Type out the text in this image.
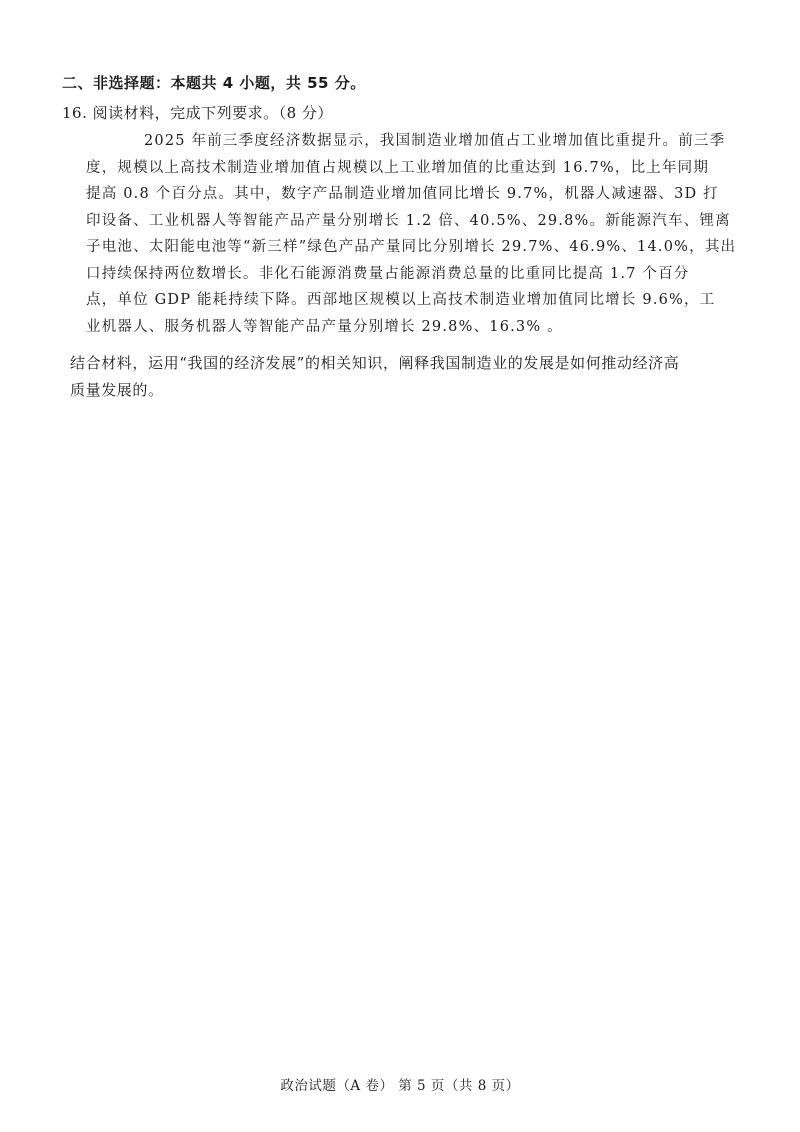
二、非选择题：本题共 4 小题，共 55 分。
16. 阅读材料，完成下列要求。（8 分）
2025 年前三季度经济数据显示，我国制造业增加值占工业增加值比重提升。前三季
度，规模以上高技术制造业增加值占规模以上工业增加值的比重达到 16.7%，比上年同期
提高 0.8 个百分点。其中，数字产品制造业增加值同比增长 9.7%，机器人减速器、3D 打
印设备、工业机器人等智能产品产量分别增长 1.2 倍、40.5%、29.8%。新能源汽车、锂离
子电池、太阳能电池等“新三样”绿色产品产量同比分别增长 29.7%、46.9%、14.0%，其出
口持续保持两位数增长。非化石能源消费量占能源消费总量的比重同比提高 1.7 个百分
点，单位 GDP 能耗持续下降。西部地区规模以上高技术制造业增加值同比增长 9.6%，工
业机器人、服务机器人等智能产品产量分别增长 29.8%、16.3% 。
结合材料，运用“我国的经济发展”的相关知识，阐释我国制造业的发展是如何推动经济高
质量发展的。
政治试题（A 卷） 第 5 页（共 8 页）
